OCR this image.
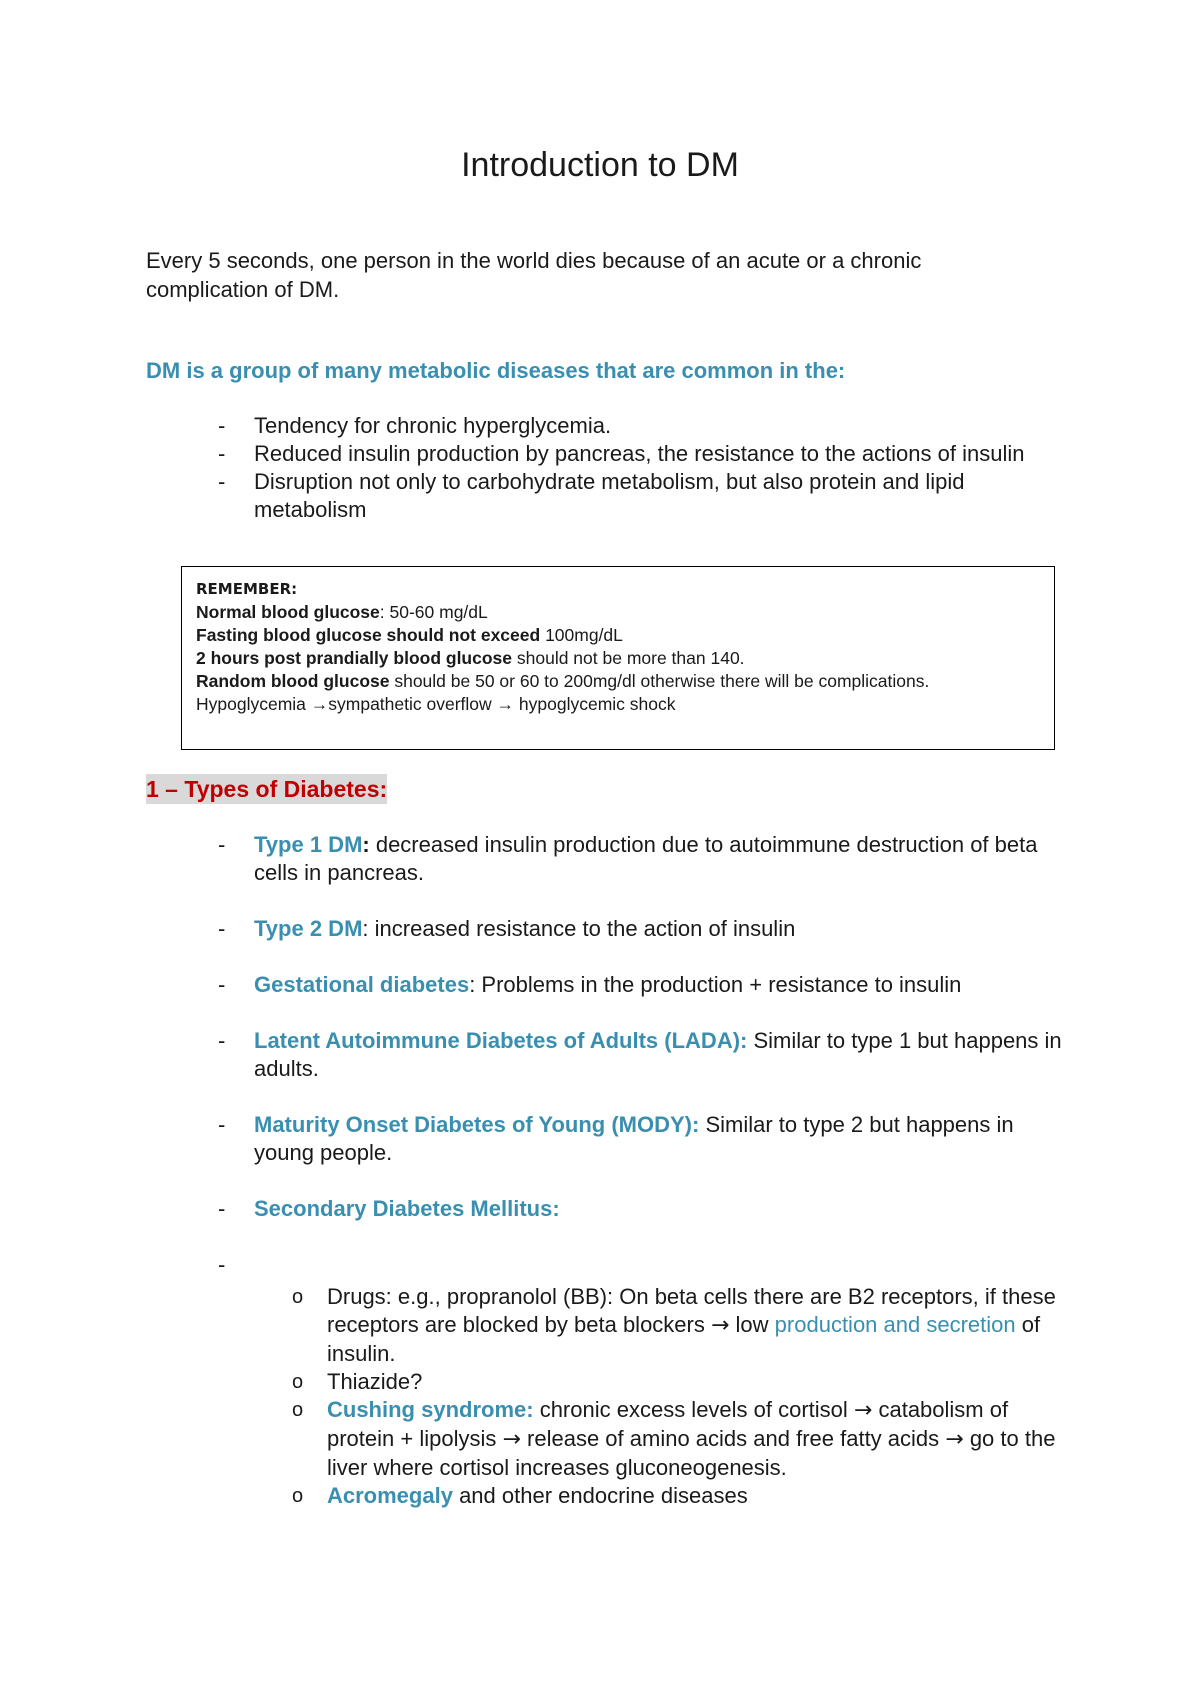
Introduction to DM
Every 5 seconds, one person in the world dies because of an acute or a chronic complication of DM.
DM is a group of many metabolic diseases that are common in the:
- Tendency for chronic hyperglycemia.
- Reduced insulin production by pancreas, the resistance to the actions of insulin
- Disruption not only to carbohydrate metabolism, but also protein and lipid metabolism
REMEMBER:
Normal blood glucose: 50-60 mg/dL
Fasting blood glucose should not exceed 100mg/dL
2 hours post prandially blood glucose should not be more than 140.
Random blood glucose should be 50 or 60 to 200mg/dl otherwise there will be complications.
Hypoglycemia →sympathetic overflow → hypoglycemic shock
1 – Types of Diabetes:
- Type 1 DM: decreased insulin production due to autoimmune destruction of beta cells in pancreas.
- Type 2 DM: increased resistance to the action of insulin
- Gestational diabetes: Problems in the production + resistance to insulin
- Latent Autoimmune Diabetes of Adults (LADA): Similar to type 1 but happens in adults.
- Maturity Onset Diabetes of Young (MODY): Similar to type 2 but happens in young people.
- Secondary Diabetes Mellitus:
-

o Drugs: e.g., propranolol (BB): On beta cells there are B2 receptors, if these receptors are blocked by beta blockers → low production and secretion of insulin.
o Thiazide?
o Cushing syndrome: chronic excess levels of cortisol → catabolism of protein + lipolysis → release of amino acids and free fatty acids → go to the liver where cortisol increases gluconeogenesis.
o Acromegaly and other endocrine diseases
